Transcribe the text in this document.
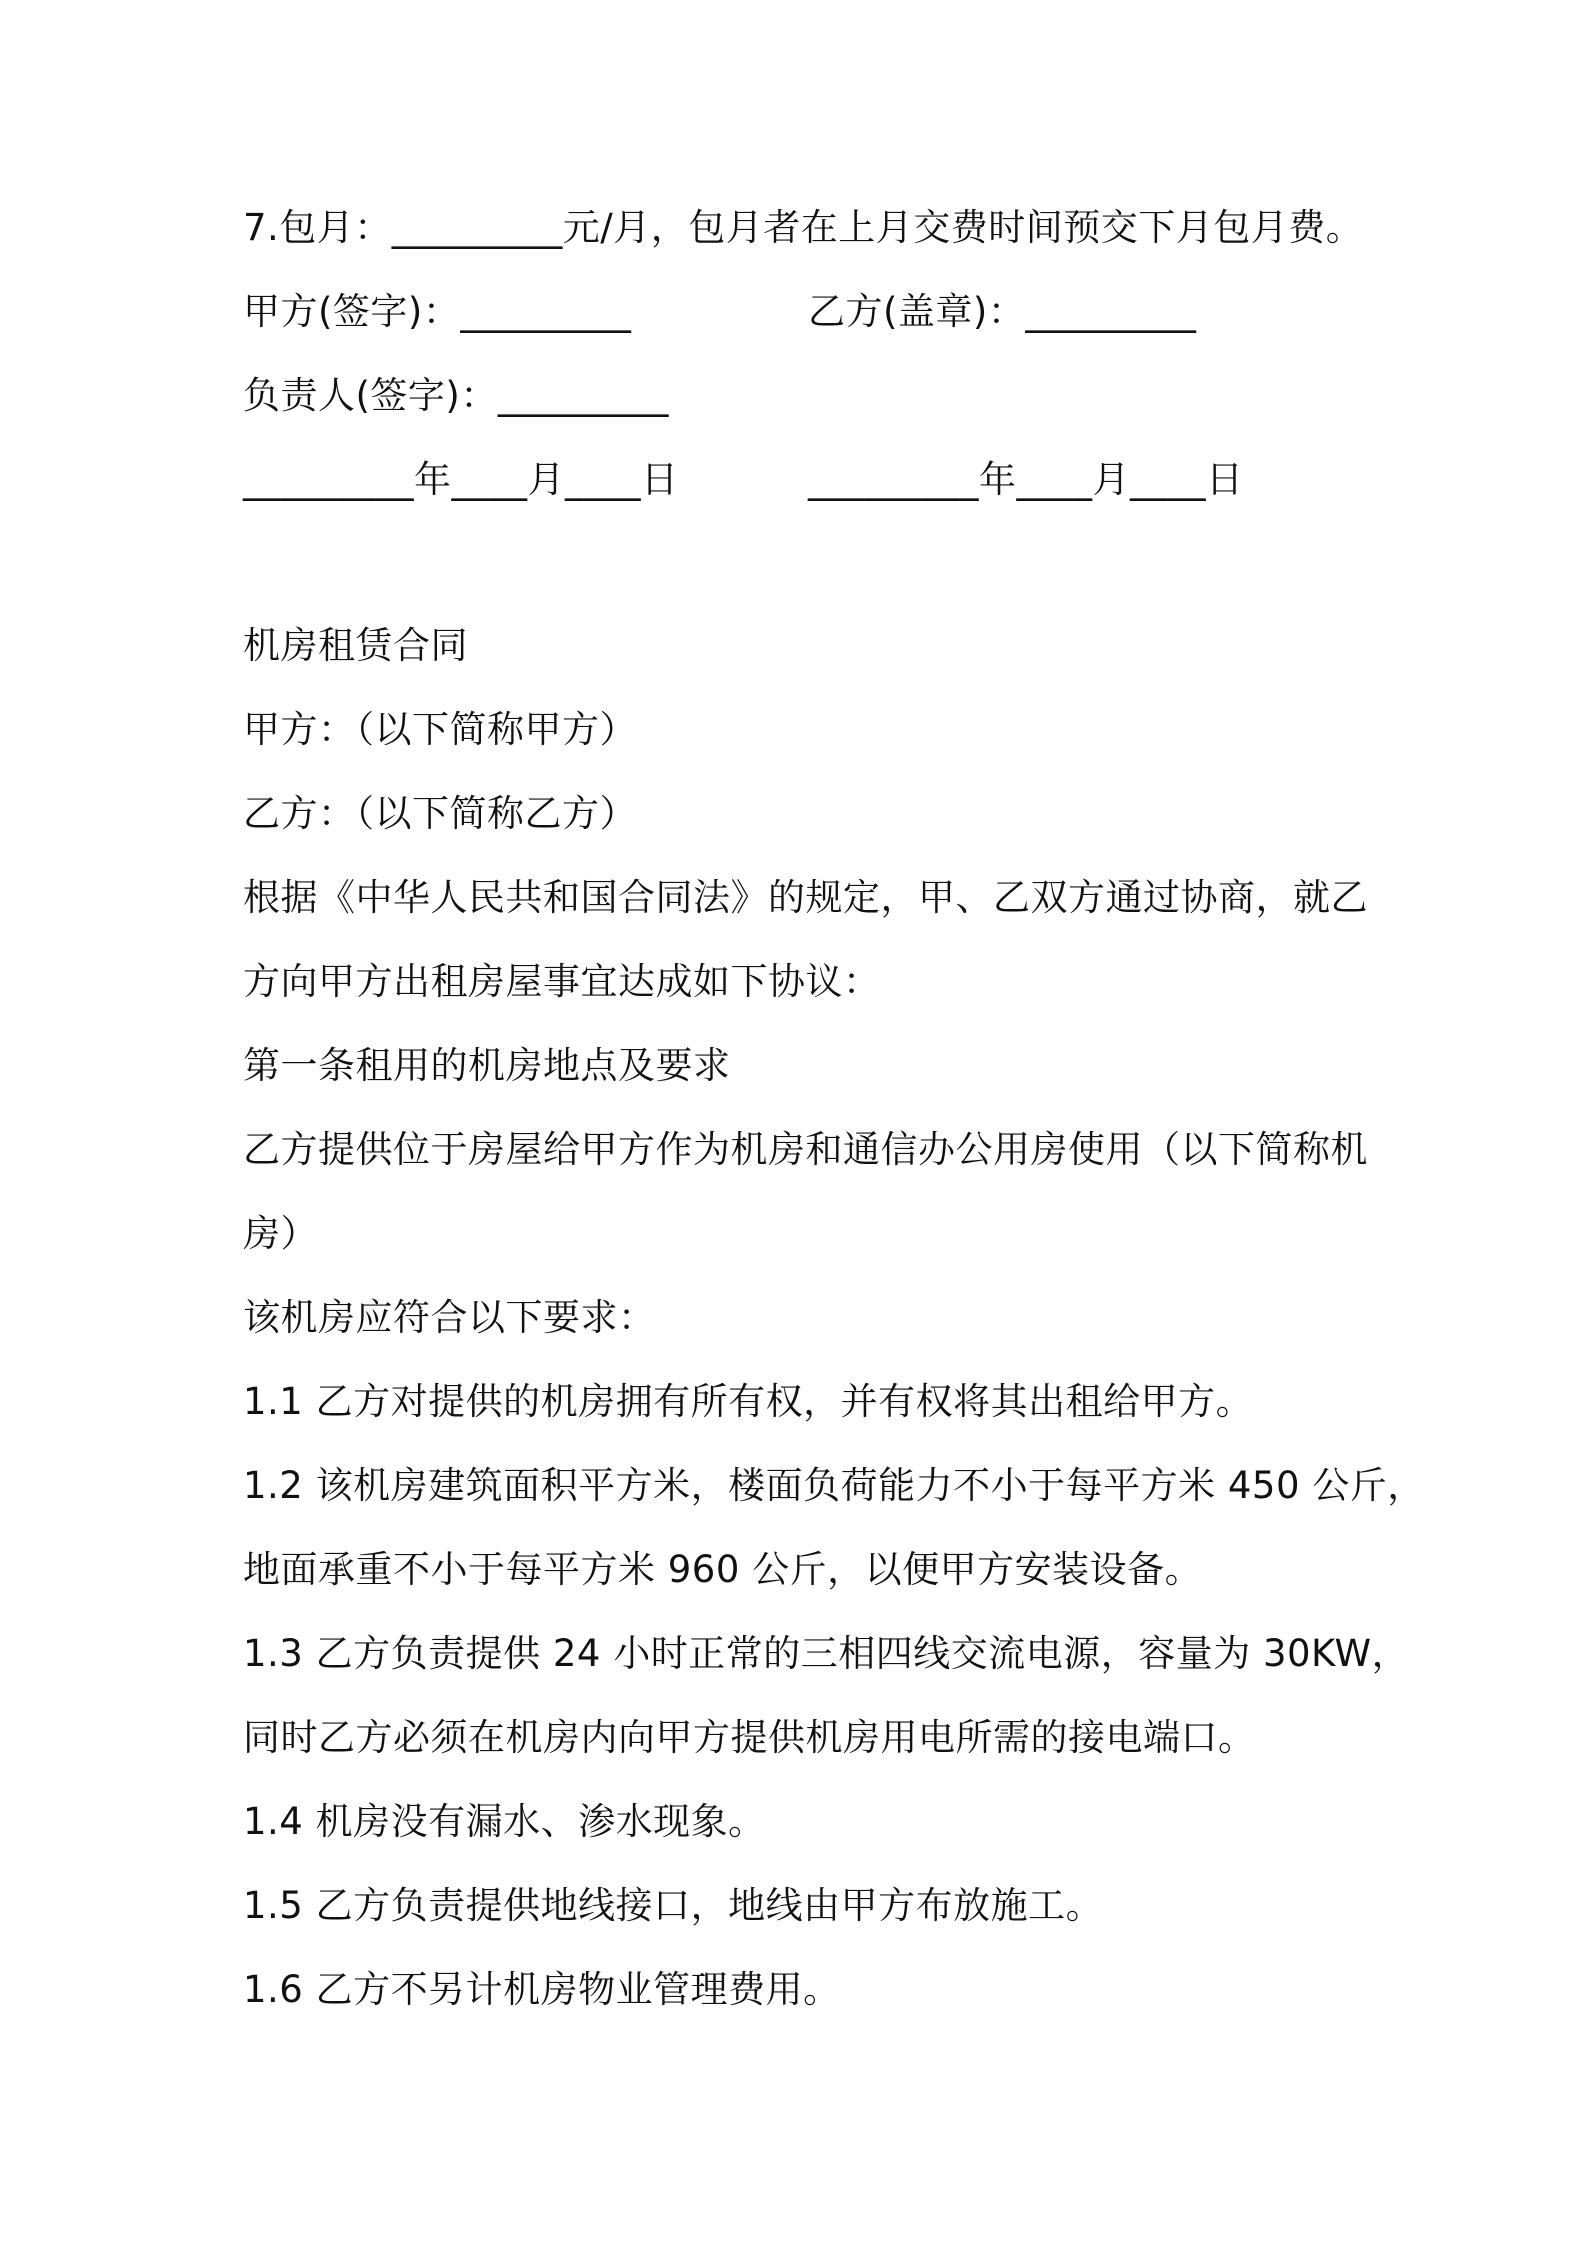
7.包月：_________元/月，包月者在上月交费时间预交下月包月费。
甲方(签字)：_________	乙方(盖章)：_________
负责人(签字)：_________
_________年____月____日	_________年____月____日
机房租赁合同
甲方：（以下简称甲方）
乙方：（以下简称乙方）
根据《中华人民共和国合同法》的规定，甲、乙双方通过协商，就乙
方向甲方出租房屋事宜达成如下协议：
第一条租用的机房地点及要求
乙方提供位于房屋给甲方作为机房和通信办公用房使用（以下简称机
房）
该机房应符合以下要求：
1.1 乙方对提供的机房拥有所有权，并有权将其出租给甲方。
1.2 该机房建筑面积平方米，楼面负荷能力不小于每平方米 450 公斤，
地面承重不小于每平方米 960 公斤，以便甲方安装设备。
1.3 乙方负责提供 24 小时正常的三相四线交流电源，容量为 30KW，
同时乙方必须在机房内向甲方提供机房用电所需的接电端口。
1.4 机房没有漏水、渗水现象。
1.5 乙方负责提供地线接口，地线由甲方布放施工。
1.6 乙方不另计机房物业管理费用。
